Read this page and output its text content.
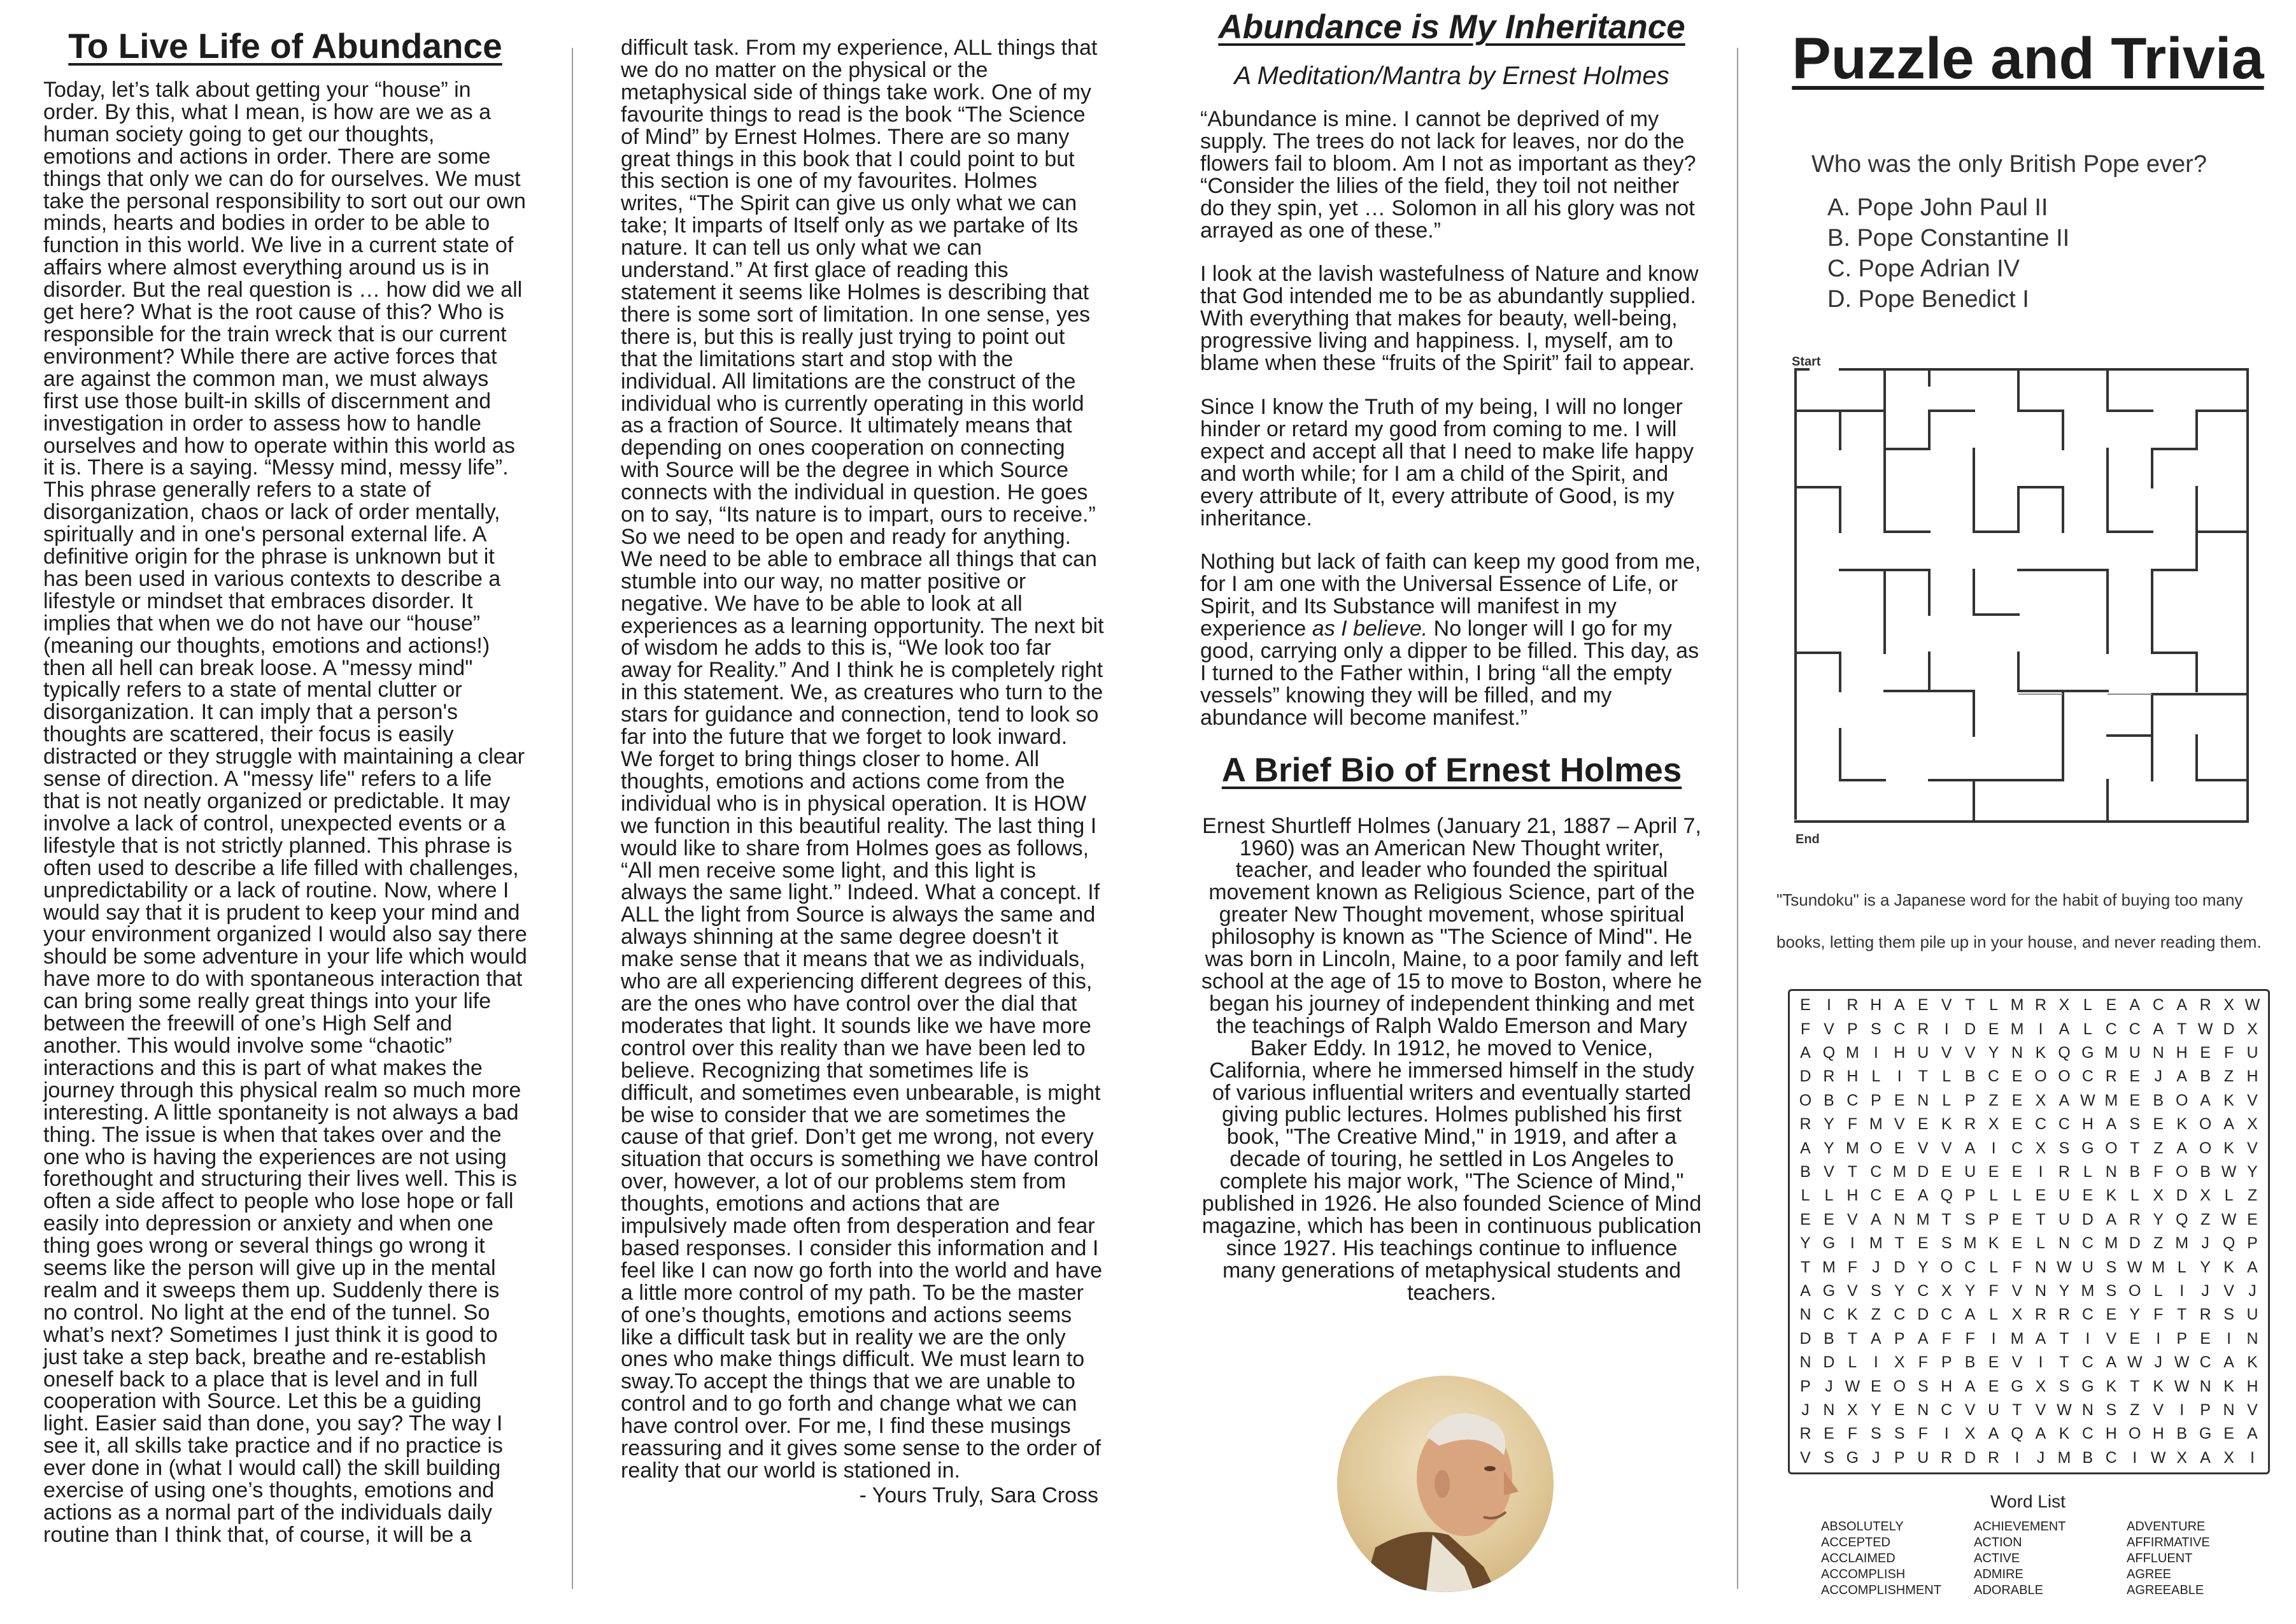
To Live Life of Abundance

Today, let’s talk about getting your “house” in order. By this, what I mean, is how are we as a human society going to get our thoughts, emotions and actions in order. There are some things that only we can do for ourselves. We must take the personal responsibility to sort out our own minds, hearts and bodies in order to be able to function in this world. We live in a current state of affairs where almost everything around us is in disorder. But the real question is … how did we all get here? What is the root cause of this? Who is responsible for the train wreck that is our current environment? While there are active forces that are against the common man, we must always first use those built-in skills of discernment and investigation in order to assess how to handle ourselves and how to operate within this world as it is. There is a saying. “Messy mind, messy life”. This phrase generally refers to a state of disorganization, chaos or lack of order mentally, spiritually and in one's personal external life. A definitive origin for the phrase is unknown but it has been used in various contexts to describe a lifestyle or mindset that embraces disorder. It implies that when we do not have our “house” (meaning our thoughts, emotions and actions!) then all hell can break loose. A "messy mind" typically refers to a state of mental clutter or disorganization. It can imply that a person's thoughts are scattered, their focus is easily distracted or they struggle with maintaining a clear sense of direction. A "messy life" refers to a life that is not neatly organized or predictable. It may involve a lack of control, unexpected events or a lifestyle that is not strictly planned. This phrase is often used to describe a life filled with challenges, unpredictability or a lack of routine. Now, where I would say that it is prudent to keep your mind and your environment organized I would also say there should be some adventure in your life which would have more to do with spontaneous interaction that can bring some really great things into your life between the freewill of one’s High Self and another. This would involve some “chaotic” interactions and this is part of what makes the journey through this physical realm so much more interesting. A little spontaneity is not always a bad thing. The issue is when that takes over and the one who is having the experiences are not using forethought and structuring their lives well. This is often a side affect to people who lose hope or fall easily into depression or anxiety and when one thing goes wrong or several things go wrong it seems like the person will give up in the mental realm and it sweeps them up. Suddenly there is no control. No light at the end of the tunnel. So what’s next? Sometimes I just think it is good to just take a step back, breathe and re-establish oneself back to a place that is level and in full cooperation with Source. Let this be a guiding light. Easier said than done, you say? The way I see it, all skills take practice and if no practice is ever done in (what I would call) the skill building exercise of using one’s thoughts, emotions and actions as a normal part of the individuals daily routine than I think that, of course, it will be a

difficult task. From my experience, ALL things that we do no matter on the physical or the metaphysical side of things take work. One of my favourite things to read is the book “The Science of Mind” by Ernest Holmes. There are so many great things in this book that I could point to but this section is one of my favourites. Holmes writes, “The Spirit can give us only what we can take; It imparts of Itself only as we partake of Its nature. It can tell us only what we can understand.” At first glace of reading this statement it seems like Holmes is describing that there is some sort of limitation. In one sense, yes there is, but this is really just trying to point out that the limitations start and stop with the individual. All limitations are the construct of the individual who is currently operating in this world as a fraction of Source. It ultimately means that depending on ones cooperation on connecting with Source will be the degree in which Source connects with the individual in question. He goes on to say, “Its nature is to impart, ours to receive.” So we need to be open and ready for anything. We need to be able to embrace all things that can stumble into our way, no matter positive or negative. We have to be able to look at all experiences as a learning opportunity. The next bit of wisdom he adds to this is, “We look too far away for Reality.” And I think he is completely right in this statement. We, as creatures who turn to the stars for guidance and connection, tend to look so far into the future that we forget to look inward. We forget to bring things closer to home. All thoughts, emotions and actions come from the individual who is in physical operation. It is HOW we function in this beautiful reality. The last thing I would like to share from Holmes goes as follows, “All men receive some light, and this light is always the same light.” Indeed. What a concept. If ALL the light from Source is always the same and always shinning at the same degree doesn't it make sense that it means that we as individuals, who are all experiencing different degrees of this, are the ones who have control over the dial that moderates that light. It sounds like we have more control over this reality than we have been led to believe. Recognizing that sometimes life is difficult, and sometimes even unbearable, is might be wise to consider that we are sometimes the cause of that grief. Don’t get me wrong, not every situation that occurs is something we have control over, however, a lot of our problems stem from thoughts, emotions and actions that are impulsively made often from desperation and fear based responses. I consider this information and I feel like I can now go forth into the world and have a little more control of my path. To be the master of one’s thoughts, emotions and actions seems like a difficult task but in reality we are the only ones who make things difficult. We must learn to sway.To accept the things that we are unable to control and to go forth and change what we can have control over. For me, I find these musings reassuring and it gives some sense to the order of reality that our world is stationed in.

- Yours Truly, Sara Cross
Abundance is My Inheritance
A Meditation/Mantra by Ernest Holmes

“Abundance is mine. I cannot be deprived of my supply. The trees do not lack for leaves, nor do the flowers fail to bloom. Am I not as important as they? “Consider the lilies of the field, they toil not neither do they spin, yet … Solomon in all his glory was not arrayed as one of these.”

I look at the lavish wastefulness of Nature and know that God intended me to be as abundantly supplied. With everything that makes for beauty, well-being, progressive living and happiness. I, myself, am to blame when these “fruits of the Spirit” fail to appear.

Since I know the Truth of my being, I will no longer hinder or retard my good from coming to me. I will expect and accept all that I need to make life happy and worth while; for I am a child of the Spirit, and every attribute of It, every attribute of Good, is my inheritance.

Nothing but lack of faith can keep my good from me, for I am one with the Universal Essence of Life, or Spirit, and Its Substance will manifest in my experience as I believe. No longer will I go for my good, carrying only a dipper to be filled. This day, as I turned to the Father within, I bring “all the empty vessels” knowing they will be filled, and my abundance will become manifest.”

A Brief Bio of Ernest Holmes
Ernest Shurtleff Holmes (January 21, 1887 – April 7, 1960) was an American New Thought writer, teacher, and leader who founded the spiritual movement known as Religious Science, part of the greater New Thought movement, whose spiritual philosophy is known as "The Science of Mind". He was born in Lincoln, Maine, to a poor family and left school at the age of 15 to move to Boston, where he began his journey of independent thinking and met the teachings of Ralph Waldo Emerson and Mary Baker Eddy. In 1912, he moved to Venice, California, where he immersed himself in the study of various influential writers and eventually started giving public lectures. Holmes published his first book, "The Creative Mind," in 1919, and after a decade of touring, he settled in Los Angeles to complete his major work, "The Science of Mind," published in 1926. He also founded Science of Mind magazine, which has been in continuous publication since 1927. His teachings continue to influence many generations of metaphysical students and teachers.
Puzzle and Trivia
Who was the only British Pope ever?
A. Pope John Paul II
B. Pope Constantine II
C. Pope Adrian IV
D. Pope Benedict I
Start
End
"Tsundoku" is a Japanese word for the habit of buying too many books, letting them pile up in your house, and never reading them.
E I R H A E V T L M R X L E A C A R X W
F V P S C R I D E M I A L C C A T W D X
A Q M I H U V V Y N K Q G M U N H E F U
D R H L I T L B C E O O C R E J A B Z H
O B C P E N L P Z E X A W M E B O A K V
R Y F M V E K R X E C C H A S E K O A X
A Y M O E V V A I C X S G O T Z A O K V
B V T C M D E U E E I R L N B F O B W Y
L L H C E A Q P L L E U E K L X D X L Z
E E V A N M T S P E T U D A R Y Q Z W E
Y G I M T E S M K E L N C M D Z M J Q P
T M F J D Y O C L F N W U S W M L Y K A
A G V S Y C X Y F V N Y M S O L I J V J
N C K Z C D C A L X R R C E Y F T R S U
D B T A P A F F I M A T I V E I P E I N
N D L I X F P B E V I T C A W J W C A K
P J W E O S H A E G X S G K T K W N K H
J N X Y E N C V U T V W N S Z V I P N V
R E F S S F I X A Q A K C H O H B G E A
V S G J P U R D R I J M B C I W X A X I
Word List
ABSOLUTELY	ACHIEVEMENT	ADVENTURE
ACCEPTED	ACTION	AFFIRMATIVE
ACCLAIMED	ACTIVE	AFFLUENT
ACCOMPLISH	ADMIRE	AGREE
ACCOMPLISHMENT	ADORABLE	AGREEABLE
